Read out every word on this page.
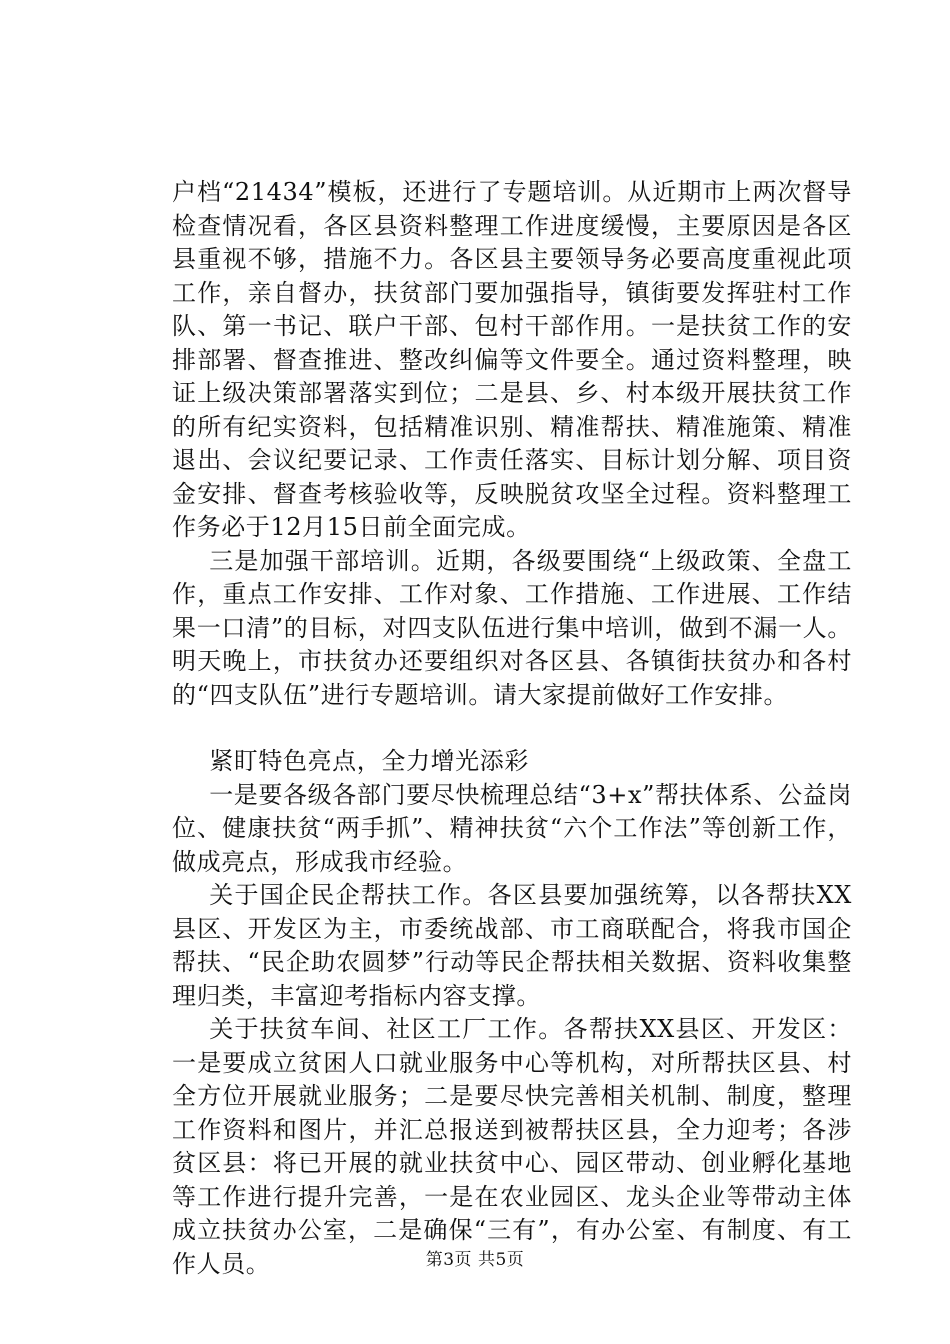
户档“21434”模板，还进行了专题培训。从近期市上两次督导检查情况看，各区县资料整理工作进度缓慢，主要原因是各区县重视不够，措施不力。各区县主要领导务必要高度重视此项工作，亲自督办，扶贫部门要加强指导，镇街要发挥驻村工作队、第一书记、联户干部、包村干部作用。一是扶贫工作的安排部署、督查推进、整改纠偏等文件要全。通过资料整理，映证上级决策部署落实到位；二是县、乡、村本级开展扶贫工作的所有纪实资料，包括精准识别、精准帮扶、精准施策、精准退出、会议纪要记录、工作责任落实、目标计划分解、项目资金安排、督查考核验收等，反映脱贫攻坚全过程。资料整理工作务必于12月15日前全面完成。

三是加强干部培训。近期，各级要围绕“上级政策、全盘工作，重点工作安排、工作对象、工作措施、工作进展、工作结果一口清”的目标，对四支队伍进行集中培训，做到不漏一人。明天晚上，市扶贫办还要组织对各区县、各镇街扶贫办和各村的“四支队伍”进行专题培训。请大家提前做好工作安排。

紧盯特色亮点，全力增光添彩

一是要各级各部门要尽快梳理总结“3+x”帮扶体系、公益岗位、健康扶贫“两手抓”、精神扶贫“六个工作法”等创新工作，做成亮点，形成我市经验。

关于国企民企帮扶工作。各区县要加强统筹，以各帮扶XX县区、开发区为主，市委统战部、市工商联配合，将我市国企帮扶、“民企助农圆梦”行动等民企帮扶相关数据、资料收集整理归类，丰富迎考指标内容支撑。

关于扶贫车间、社区工厂工作。各帮扶XX县区、开发区：一是要成立贫困人口就业服务中心等机构，对所帮扶区县、村全方位开展就业服务；二是要尽快完善相关机制、制度，整理工作资料和图片，并汇总报送到被帮扶区县，全力迎考；各涉贫区县：将已开展的就业扶贫中心、园区带动、创业孵化基地等工作进行提升完善，一是在农业园区、龙头企业等带动主体成立扶贫办公室，二是确保“三有”，有办公室、有制度、有工作人员。	第3页 共5页
